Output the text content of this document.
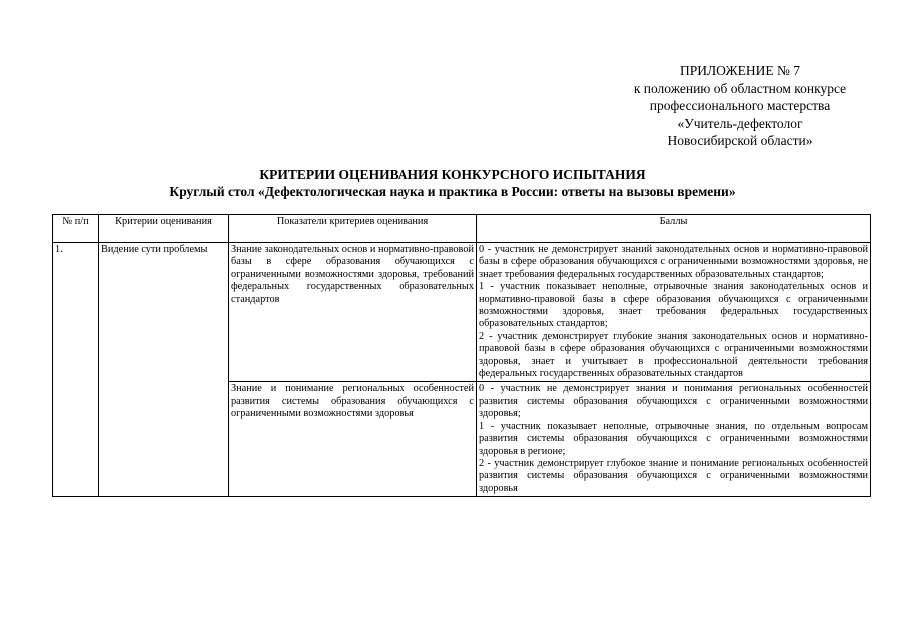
ПРИЛОЖЕНИЕ № 7
к положению об областном конкурсе
профессионального мастерства
«Учитель-дефектолог
Новосибирской области»
КРИТЕРИИ ОЦЕНИВАНИЯ КОНКУРСНОГО ИСПЫТАНИЯ
Круглый стол «Дефектологическая наука и практика в России: ответы на вызовы времени»
№ п/п	Критерии оценивания	Показатели критериев оценивания	Баллы
1.	Видение сути проблемы	Знание законодательных основ и нормативно-правовой базы в сфере образования обучающихся с ограниченными возможностями здоровья, требований федеральных государственных образовательных стандартов	0 - участник не демонстрирует знаний законодательных основ и нормативно-правовой базы в сфере образования обучающихся с ограниченными возможностями здоровья, не знает требования федеральных государственных образовательных стандартов;
1 - участник показывает неполные, отрывочные знания законодательных основ и нормативно-правовой базы в сфере образования обучающихся с ограниченными возможностями здоровья, знает требования федеральных государственных образовательных стандартов;
2 - участник демонстрирует глубокие знания законодательных основ и нормативно-правовой базы в сфере образования обучающихся с ограниченными возможностями здоровья, знает и учитывает в профессиональной деятельности требования федеральных государственных образовательных стандартов

		Знание и понимание региональных особенностей развития системы образования обучающихся с ограниченными возможностями здоровья	0 - участник не демонстрирует знания и понимания региональных особенностей развития системы образования обучающихся с ограниченными возможностями здоровья;
1 - участник показывает неполные, отрывочные знания, по отдельным вопросам развития системы образования обучающихся с ограниченными возможностями здоровья в регионе;
2 - участник демонстрирует глубокое знание и понимание региональных особенностей развития системы образования обучающихся с ограниченными возможностями здоровья
